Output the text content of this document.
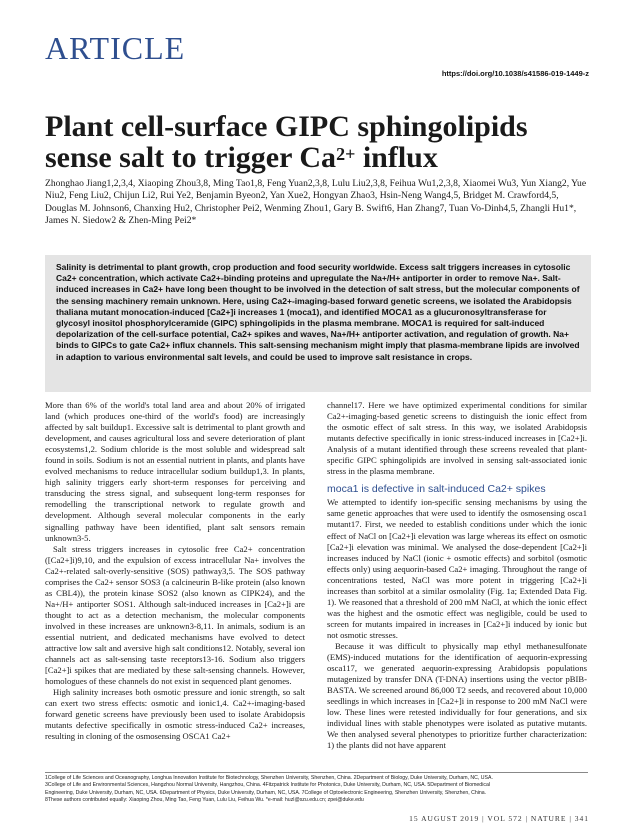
ARTICLE
https://doi.org/10.1038/s41586-019-1449-z
Plant cell-surface GIPC sphingolipids sense salt to trigger $Ca^{2+}$ influx
Zhonghao Jiang1,2,3,4, Xiaoping Zhou3,8, Ming Tao1,8, Feng Yuan2,3,8, Lulu Liu2,3,8, Feihua Wu1,2,3,8, Xiaomei Wu3, Yun Xiang2, Yue Niu2, Feng Liu2, Chijun Li2, Rui Ye2, Benjamin Byeon2, Yan Xue2, Hongyan Zhao3, Hsin-Neng Wang4,5, Bridget M. Crawford4,5, Douglas M. Johnson6, Chanxing Hu2, Christopher Pei2, Wenming Zhou1, Gary B. Swift6, Han Zhang7, Tuan Vo-Dinh4,5, Zhangli Hu1*, James N. Siedow2 & Zhen-Ming Pei2*
Salinity is detrimental to plant growth, crop production and food security worldwide. Excess salt triggers increases in cytosolic Ca2+ concentration, which activate Ca2+-binding proteins and upregulate the Na+/H+ antiporter in order to remove Na+. Salt-induced increases in Ca2+ have long been thought to be involved in the detection of salt stress, but the molecular components of the sensing machinery remain unknown. Here, using Ca2+-imaging-based forward genetic screens, we isolated the Arabidopsis thaliana mutant monocation-induced [Ca2+]i increases 1 (moca1), and identified MOCA1 as a glucuronosyltransferase for glycosyl inositol phosphorylceramide (GIPC) sphingolipids in the plasma membrane. MOCA1 is required for salt-induced depolarization of the cell-surface potential, Ca2+ spikes and waves, Na+/H+ antiporter activation, and regulation of growth. Na+ binds to GIPCs to gate Ca2+ influx channels. This salt-sensing mechanism might imply that plasma-membrane lipids are involved in adaption to various environmental salt levels, and could be used to improve salt resistance in crops.

More than 6% of the world's total land area and about 20% of irrigated land (which produces one-third of the world's food) are increasingly affected by salt buildup1. Excessive salt is detrimental to plant growth and development, and causes agricultural loss and severe deterioration of plant ecosystems1,2. Sodium chloride is the most soluble and widespread salt found in soils. Sodium is not an essential nutrient in plants, and plants have evolved mechanisms to reduce intracellular sodium buildup1,3. In plants, high salinity triggers early short-term responses for perceiving and transducing the stress signal, and subsequent long-term responses for remodelling the transcriptional network to regulate growth and development. Although several molecular components in the early signalling pathway have been identified, plant salt sensors remain unknown3-5.

Salt stress triggers increases in cytosolic free Ca2+ concentration ([Ca2+]i)9,10, and the expulsion of excess intracellular Na+ involves the Ca2+-related salt-overly-sensitive (SOS) pathway3,5. The SOS pathway comprises the Ca2+ sensor SOS3 (a calcineurin B-like protein (also known as CBL4)), the protein kinase SOS2 (also known as CIPK24), and the Na+/H+ antiporter SOS1. Although salt-induced increases in [Ca2+]i are thought to act as a detection mechanism, the molecular components involved in these increases are unknown3-8,11. In animals, sodium is an essential nutrient, and dedicated mechanisms have evolved to detect attractive low salt and aversive high salt conditions12. Notably, several ion channels act as salt-sensing taste receptors13-16. Sodium also triggers [Ca2+]i spikes that are mediated by these salt-sensing channels. However, homologues of these channels do not exist in sequenced plant genomes.

High salinity increases both osmotic pressure and ionic strength, so salt can exert two stress effects: osmotic and ionic1,4. Ca2+-imaging-based forward genetic screens have previously been used to isolate Arabidopsis mutants defective specifically in osmotic stress-induced Ca2+ increases, resulting in cloning of the osmosensing OSCA1 Ca2+

channel17. Here we have optimized experimental conditions for similar Ca2+-imaging-based genetic screens to distinguish the ionic effect from the osmotic effect of salt stress. In this way, we isolated Arabidopsis mutants defective specifically in ionic stress-induced increases in [Ca2+]i. Analysis of a mutant identified through these screens revealed that plant-specific GIPC sphingolipids are involved in sensing salt-associated ionic stress in the plasma membrane.

moca1 is defective in salt-induced Ca2+ spikes

We attempted to identify ion-specific sensing mechanisms by using the same genetic approaches that were used to identify the osmosensing osca1 mutant17. First, we needed to establish conditions under which the ionic effect of NaCl on [Ca2+]i elevation was large whereas its effect on osmotic [Ca2+]i elevation was minimal. We analysed the dose-dependent [Ca2+]i increases induced by NaCl (ionic + osmotic effects) and sorbitol (osmotic effects only) using aequorin-based Ca2+ imaging. Throughout the range of concentrations tested, NaCl was more potent in triggering [Ca2+]i increases than sorbitol at a similar osmolality (Fig. 1a; Extended Data Fig. 1). We reasoned that a threshold of 200 mM NaCl, at which the ionic effect was the highest and the osmotic effect was negligible, could be used to screen for mutants impaired in increases in [Ca2+]i induced by ionic but not osmotic stresses.

Because it was difficult to physically map ethyl methanesulfonate (EMS)-induced mutations for the identification of aequorin-expressing osca117, we generated aequorin-expressing Arabidopsis populations mutagenized by transfer DNA (T-DNA) insertions using the vector pBIB-BASTA. We screened around 86,000 T2 seeds, and recovered about 10,000 seedlings in which increases in [Ca2+]i in response to 200 mM NaCl were low. These lines were retested individually for four generations, and six individual lines with stable phenotypes were isolated as putative mutants. We then analysed several phenotypes to prioritize further characterization: 1) the plants did not have apparent

1College of Life Sciences and Oceanography, Longhua Innovation Institute for Biotechnology, Shenzhen University, Shenzhen, China. 2Department of Biology, Duke University, Durham, NC, USA.
3College of Life and Environmental Sciences, Hangzhou Normal University, Hangzhou, China. 4Fitzpatrick Institute for Photonics, Duke University, Durham, NC, USA. 5Department of Biomedical
Engineering, Duke University, Durham, NC, USA. 6Department of Physics, Duke University, Durham, NC, USA. 7College of Optoelectronic Engineering, Shenzhen University, Shenzhen, China.
8These authors contributed equally: Xiaoping Zhou, Ming Tao, Feng Yuan, Lulu Liu, Feihua Wu. *e-mail: huzl@szu.edu.cn; zpei@duke.edu
15 AUGUST 2019 | VOL 572 | NATURE | 341
